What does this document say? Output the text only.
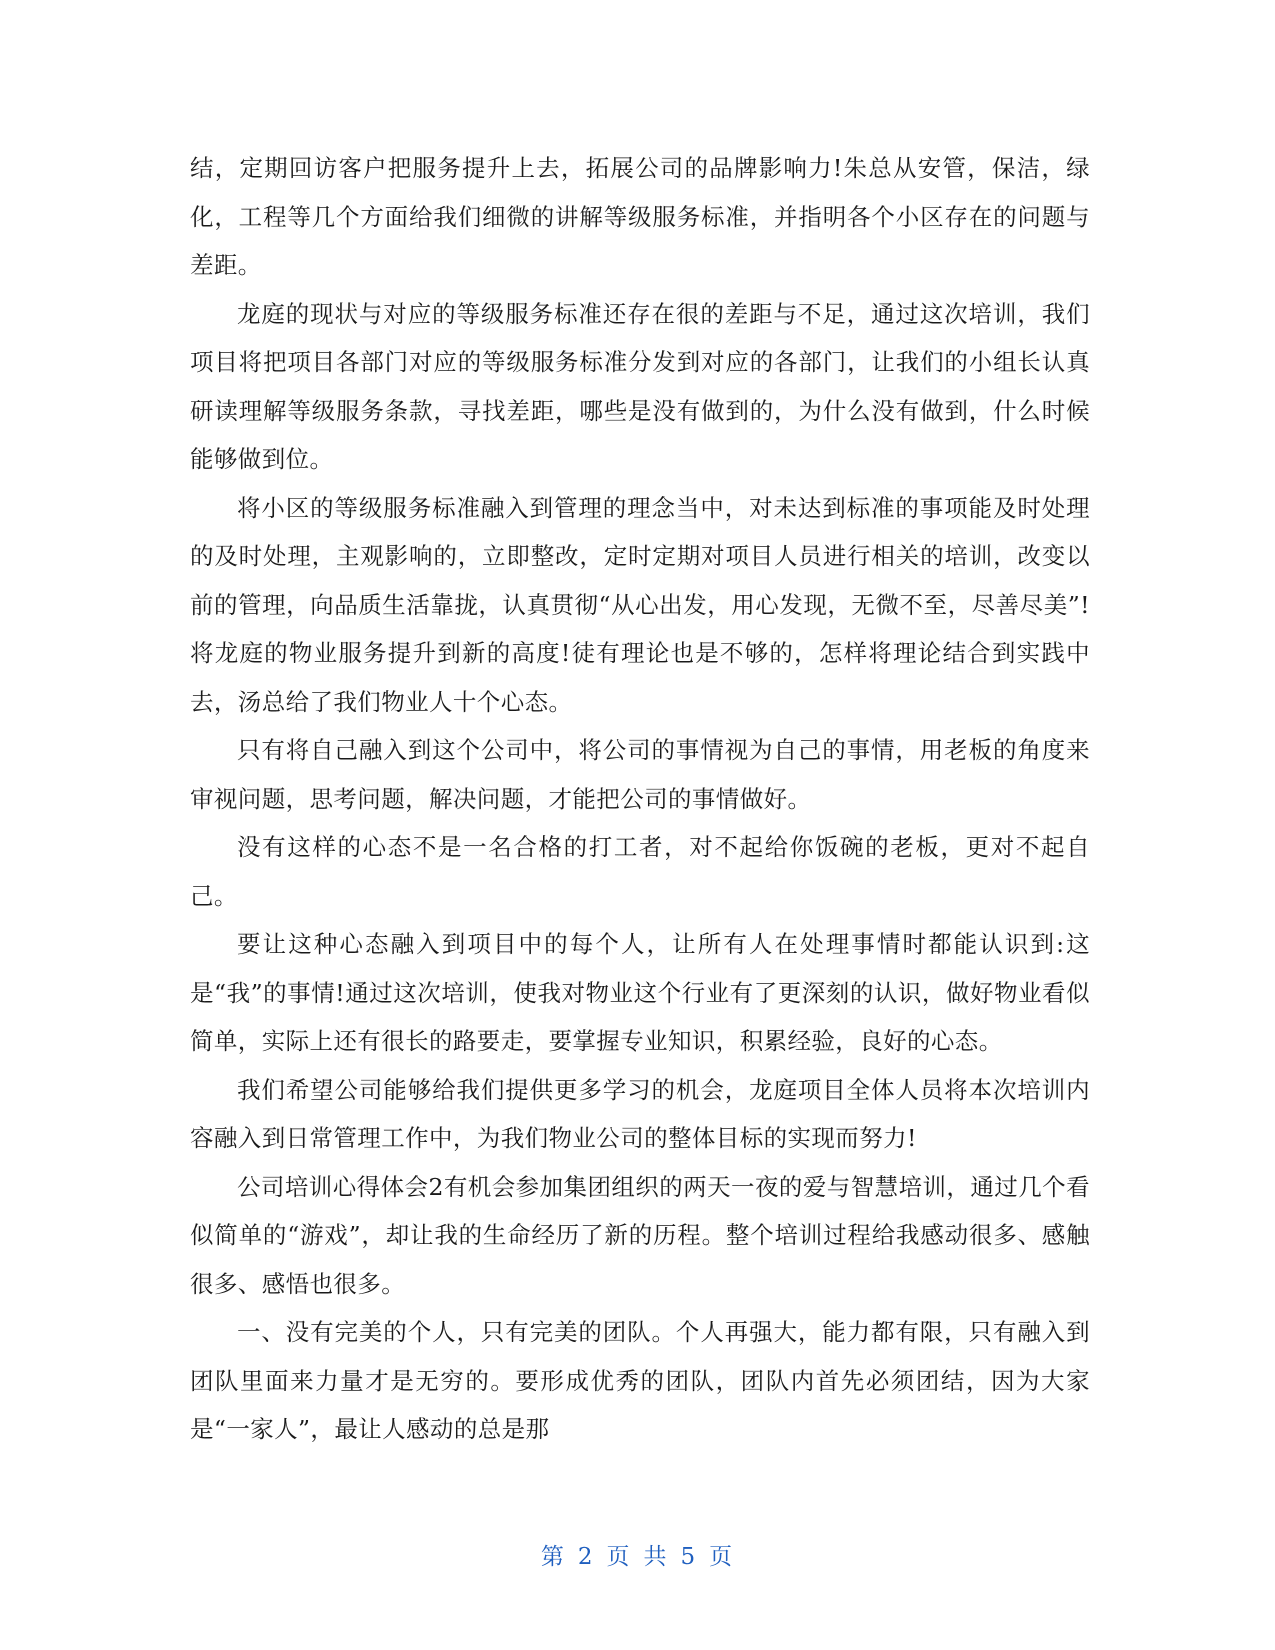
结，定期回访客户把服务提升上去，拓展公司的品牌影响力!朱总从安管，保洁，绿化，工程等几个方面给我们细微的讲解等级服务标准，并指明各个小区存在的问题与差距。

龙庭的现状与对应的等级服务标准还存在很的差距与不足，通过这次培训，我们项目将把项目各部门对应的等级服务标准分发到对应的各部门，让我们的小组长认真研读理解等级服务条款，寻找差距，哪些是没有做到的，为什么没有做到，什么时候能够做到位。

将小区的等级服务标准融入到管理的理念当中，对未达到标准的事项能及时处理的及时处理，主观影响的，立即整改，定时定期对项目人员进行相关的培训，改变以前的管理，向品质生活靠拢，认真贯彻“从心出发，用心发现，无微不至，尽善尽美”!将龙庭的物业服务提升到新的高度!徒有理论也是不够的，怎样将理论结合到实践中去，汤总给了我们物业人十个心态。

只有将自己融入到这个公司中，将公司的事情视为自己的事情，用老板的角度来审视问题，思考问题，解决问题，才能把公司的事情做好。

没有这样的心态不是一名合格的打工者，对不起给你饭碗的老板，更对不起自己。

要让这种心态融入到项目中的每个人，让所有人在处理事情时都能认识到:这是“我”的事情!通过这次培训，使我对物业这个行业有了更深刻的认识，做好物业看似简单，实际上还有很长的路要走，要掌握专业知识，积累经验，良好的心态。

我们希望公司能够给我们提供更多学习的机会，龙庭项目全体人员将本次培训内容融入到日常管理工作中，为我们物业公司的整体目标的实现而努力!

公司培训心得体会2有机会参加集团组织的两天一夜的爱与智慧培训，通过几个看似简单的“游戏”，却让我的生命经历了新的历程。整个培训过程给我感动很多、感触很多、感悟也很多。

一、没有完美的个人，只有完美的团队。个人再强大，能力都有限，只有融入到团队里面来力量才是无穷的。要形成优秀的团队，团队内首先必须团结，因为大家是“一家人”，最让人感动的总是那

第 2 页 共 5 页
